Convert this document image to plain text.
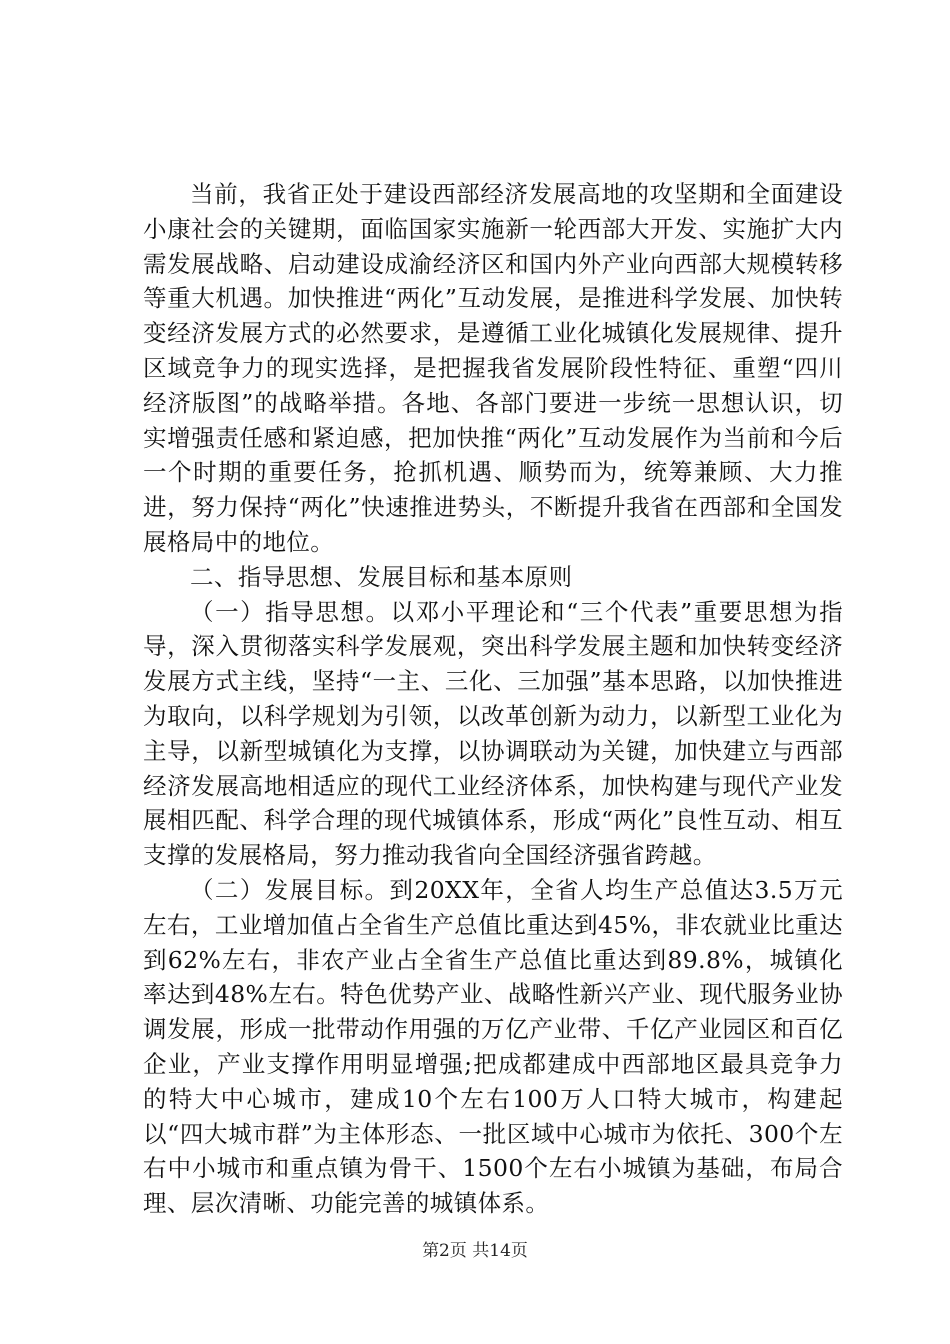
当前，我省正处于建设西部经济发展高地的攻坚期和全面建设小康社会的关键期，面临国家实施新一轮西部大开发、实施扩大内需发展战略、启动建设成渝经济区和国内外产业向西部大规模转移等重大机遇。加快推进“两化”互动发展，是推进科学发展、加快转变经济发展方式的必然要求，是遵循工业化城镇化发展规律、提升区域竞争力的现实选择，是把握我省发展阶段性特征、重塑“四川经济版图”的战略举措。各地、各部门要进一步统一思想认识，切实增强责任感和紧迫感，把加快推“两化”互动发展作为当前和今后一个时期的重要任务，抢抓机遇、顺势而为，统筹兼顾、大力推进，努力保持“两化”快速推进势头，不断提升我省在西部和全国发展格局中的地位。

二、指导思想、发展目标和基本原则

（一）指导思想。以邓小平理论和“三个代表”重要思想为指导，深入贯彻落实科学发展观，突出科学发展主题和加快转变经济发展方式主线，坚持“一主、三化、三加强”基本思路，以加快推进为取向，以科学规划为引领，以改革创新为动力，以新型工业化为主导，以新型城镇化为支撑，以协调联动为关键，加快建立与西部经济发展高地相适应的现代工业经济体系，加快构建与现代产业发展相匹配、科学合理的现代城镇体系，形成“两化”良性互动、相互支撑的发展格局，努力推动我省向全国经济强省跨越。

（二）发展目标。到20XX年，全省人均生产总值达3.5万元左右，工业增加值占全省生产总值比重达到45%，非农就业比重达到62%左右，非农产业占全省生产总值比重达到89.8%，城镇化率达到48%左右。特色优势产业、战略性新兴产业、现代服务业协调发展，形成一批带动作用强的万亿产业带、千亿产业园区和百亿企业，产业支撑作用明显增强;把成都建成中西部地区最具竞争力的特大中心城市，建成10个左右100万人口特大城市，构建起以“四大城市群”为主体形态、一批区域中心城市为依托、300个左右中小城市和重点镇为骨干、1500个左右小城镇为基础，布局合理、层次清晰、功能完善的城镇体系。

第2页 共14页
